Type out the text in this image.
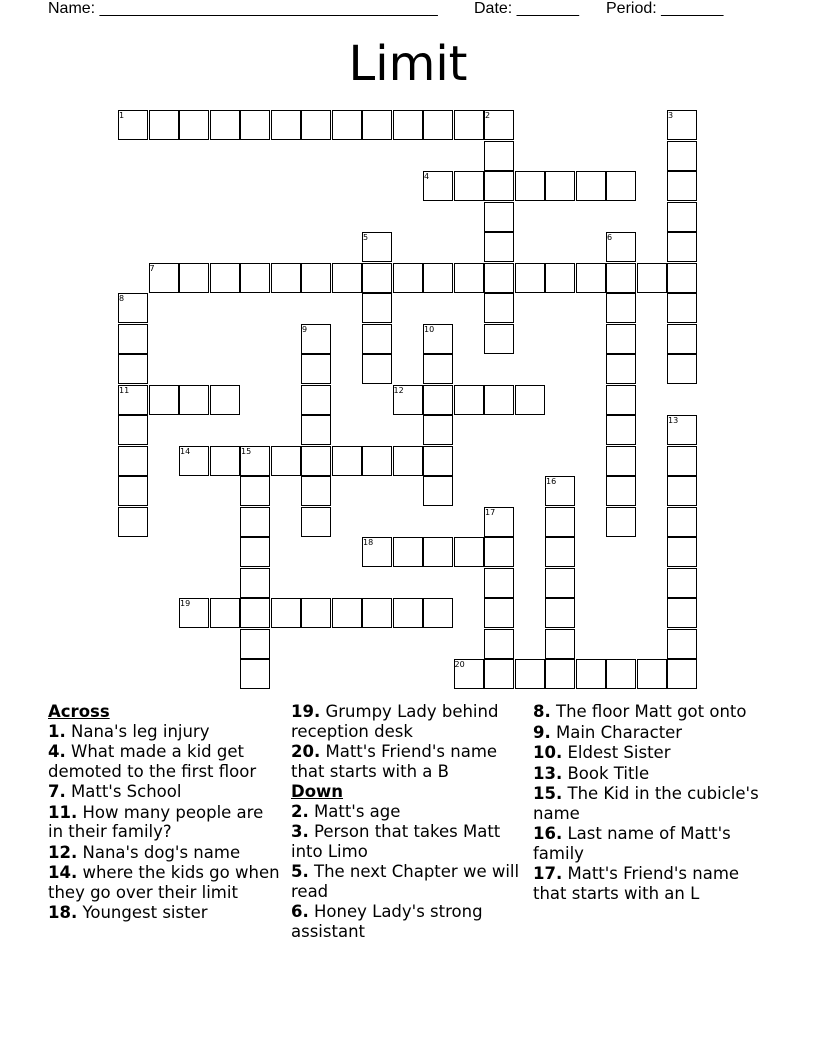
Name: ______________________________________ Date: _______ Period: _______
Limit
1	2	3
4
5	6
7
8
9	10
11	12
13
14	15
16
17
18
19
20
Across
1. Nana's leg injury
4. What made a kid get demoted to the first floor
7. Matt's School
11. How many people are in their family?
12. Nana's dog's name
14. where the kids go when they go over their limit
18. Youngest sister
19. Grumpy Lady behind reception desk
20. Matt's Friend's name that starts with a B
Down
2. Matt's age
3. Person that takes Matt into Limo
5. The next Chapter we will read
6. Honey Lady's strong assistant
8. The floor Matt got onto
9. Main Character
10. Eldest Sister
13. Book Title
15. The Kid in the cubicle's name
16. Last name of Matt's family
17. Matt's Friend's name that starts with an L
